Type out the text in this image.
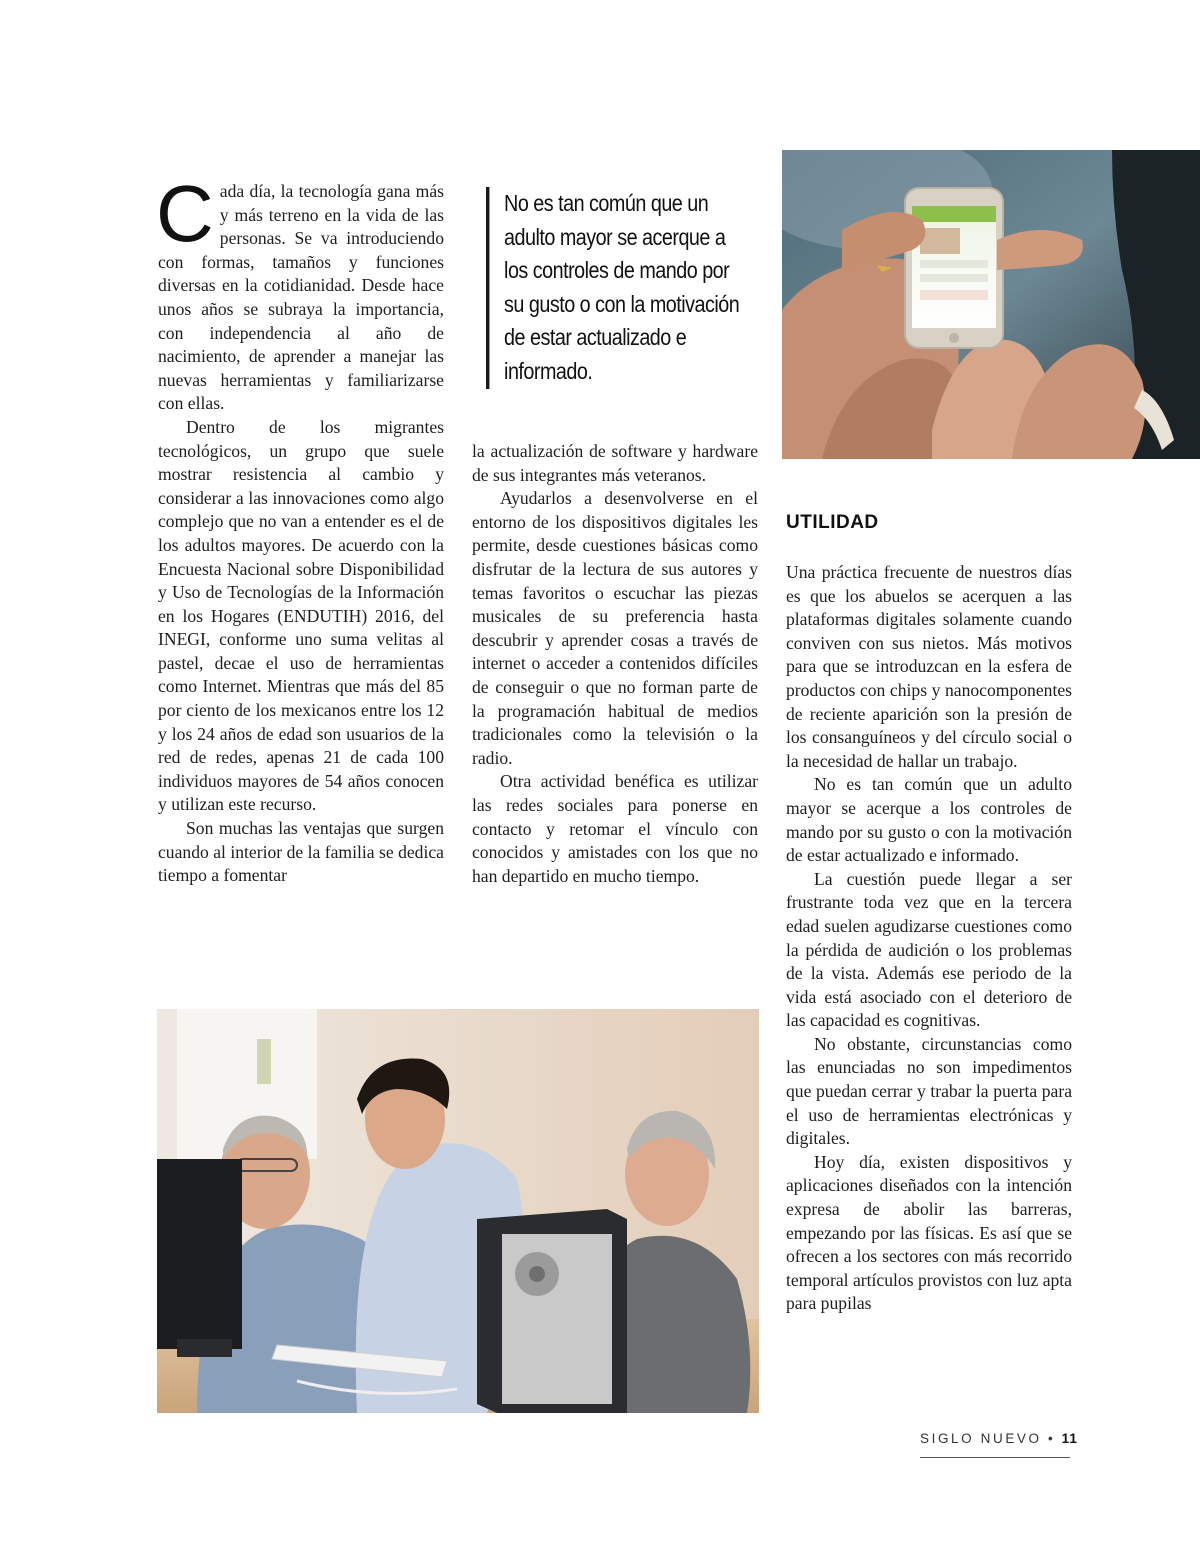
Cada día, la tecnología gana más y más terreno en la vida de las personas. Se va introduciendo con formas, tamaños y funciones diversas en la cotidianidad. Desde hace unos años se subraya la importancia, con independencia al año de nacimiento, de aprender a manejar las nuevas herramientas y familiarizarse con ellas.

Dentro de los migrantes tecnológicos, un grupo que suele mostrar resistencia al cambio y considerar a las innovaciones como algo complejo que no van a entender es el de los adultos mayores. De acuerdo con la Encuesta Nacional sobre Disponibilidad y Uso de Tecnologías de la Información en los Hogares (ENDUTIH) 2016, del INEGI, conforme uno suma velitas al pastel, decae el uso de herramientas como Internet. Mientras que más del 85 por ciento de los mexicanos entre los 12 y los 24 años de edad son usuarios de la red de redes, apenas 21 de cada 100 individuos mayores de 54 años conocen y utilizan este recurso.

Son muchas las ventajas que surgen cuando al interior de la familia se dedica tiempo a fomentar

No es tan común que un adulto mayor se acerque a los controles de mando por su gusto o con la motivación de estar actualizado e informado.

la actualización de software y hardware de sus integrantes más veteranos.

Ayudarlos a desenvolverse en el entorno de los dispositivos digitales les permite, desde cuestiones básicas como disfrutar de la lectura de sus autores y temas favoritos o escuchar las piezas musicales de su preferencia hasta descubrir y aprender cosas a través de internet o acceder a contenidos difíciles de conseguir o que no forman parte de la programación habitual de medios tradicionales como la televisión o la radio.

Otra actividad benéfica es utilizar las redes sociales para ponerse en contacto y retomar el vínculo con conocidos y amistades con los que no han departido en mucho tiempo.

UTILIDAD

Una práctica frecuente de nuestros días es que los abuelos se acerquen a las plataformas digitales solamente cuando conviven con sus nietos. Más motivos para que se introduzcan en la esfera de productos con chips y nanocomponentes de reciente aparición son la presión de los consanguíneos y del círculo social o la necesidad de hallar un trabajo.

No es tan común que un adulto mayor se acerque a los controles de mando por su gusto o con la motivación de estar actualizado e informado.

La cuestión puede llegar a ser frustrante toda vez que en la tercera edad suelen agudizarse cuestiones como la pérdida de audición o los problemas de la vista. Además ese periodo de la vida está asociado con el deterioro de las capacidad es cognitivas.

No obstante, circunstancias como las enunciadas no son impedimentos que puedan cerrar y trabar la puerta para el uso de herramientas electrónicas y digitales.

Hoy día, existen dispositivos y aplicaciones diseñados con la intención expresa de abolir las barreras, empezando por las físicas. Es así que se ofrecen a los sectores con más recorrido temporal artículos provistos con luz apta para pupilas

SIGLO NUEVO • 11
